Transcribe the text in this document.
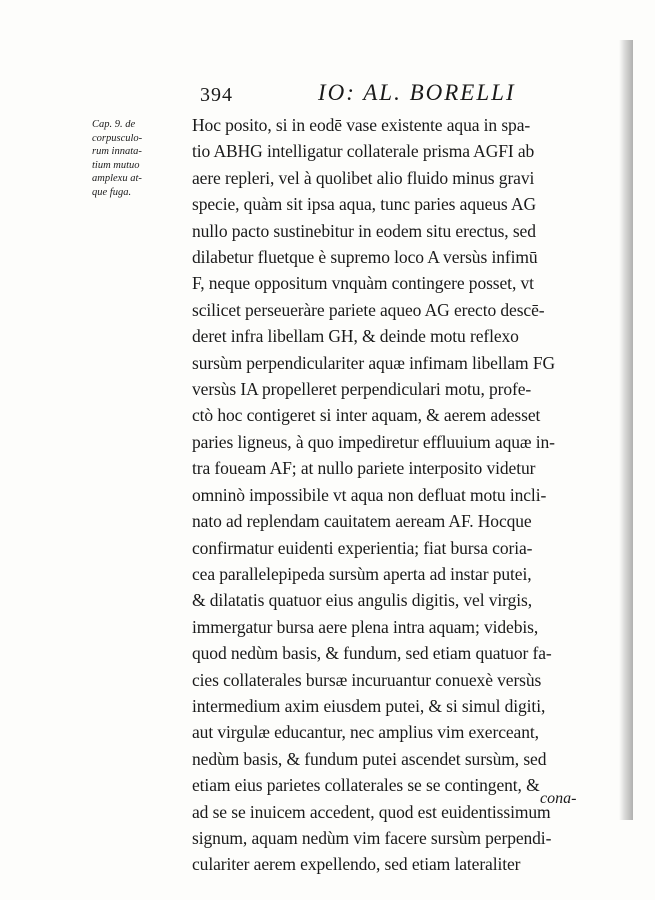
394	IO: AL. BORELLI
Cap. 9. de
corpusculo-
rum innata-
tium mutuo
amplexu at-
que fuga.
Hoc posito, si in eodē vase existente aqua in spa-
tio ABHG intelligatur collaterale prisma AGFI ab
aere repleri, vel à quolibet alio fluido minus gravi
specie, quàm sit ipsa aqua, tunc paries aqueus AG
nullo pacto sustinebitur in eodem situ erectus, sed
dilabetur fluetque è supremo loco A versùs infimū
F, neque oppositum vnquàm contingere posset, vt
scilicet perseueràre pariete aqueo AG erecto descē-
deret infra libellam GH, & deinde motu reflexo
sursùm perpendiculariter aquæ infimam libellam FG
versùs IA propelleret perpendiculari motu, profe-
ctò hoc contigeret si inter aquam, & aerem adesset
paries ligneus, à quo impediretur effluuium aquæ in-
tra foueam AF; at nullo pariete interposito videtur
omninò impossibile vt aqua non defluat motu incli-
nato ad replendam cauitatem aeream AF. Hocque
confirmatur euidenti experientia; fiat bursa coria-
cea parallelepipeda sursùm aperta ad instar putei,
& dilatatis quatuor eius angulis digitis, vel virgis,
immergatur bursa aere plena intra aquam; videbis,
quod nedùm basis, & fundum, sed etiam quatuor fa-
cies collaterales bursæ incuruantur conuexè versùs
intermedium axim eiusdem putei, & si simul digiti,
aut virgulæ educantur, nec amplius vim exerceant,
nedùm basis, & fundum putei ascendet sursùm, sed
etiam eius parietes collaterales se se contingent, &
ad se se inuicem accedent, quod est euidentissimum
signum, aquam nedùm vim facere sursùm perpendi-
culariter aerem expellendo, sed etiam lateraliter
cona-
